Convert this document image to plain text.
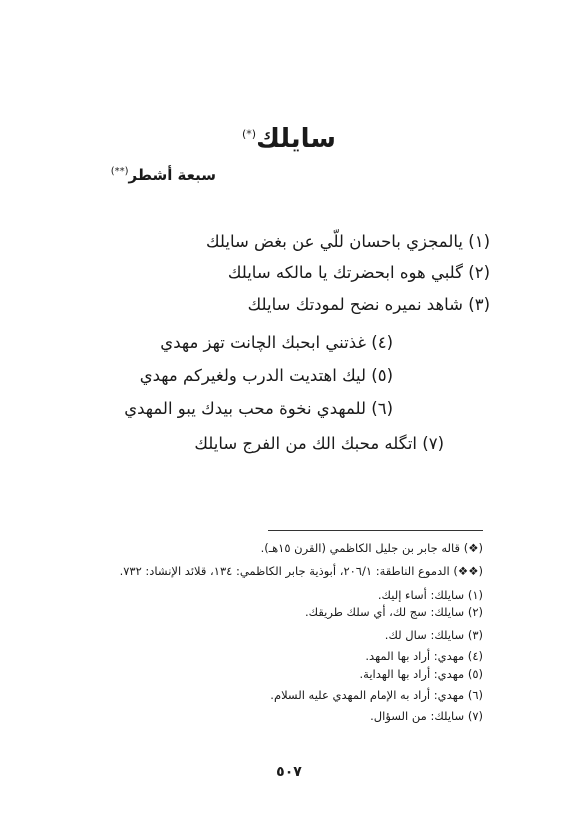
سايلك(*)
سبعة أشطر(**)
(١) يالمجزي باحسان للّي عن بغض سايلك
(٢) گلبي هوه ابحضرتك يا مالكه سايلك
(٣) شاهد نميره نضح لمودتك سايلك
(٤) غذتني ابحبك الچانت تهز مهدي
(٥) ليك اهتديت الدرب ولغيركم مهدي
(٦) للمهدي نخوة محب بيدك يبو المهدي
(٧) اتگله محبك الك من الفرج سايلك
(❖) قاله جابر بن جليل الكاظمي (القرن ١٥هـ).
(❖❖) الدموع الناطقة: ٢٠٦/١، أبوذية جابر الكاظمي: ١٣٤، قلائد الإنشاد: ٧٣٢.
(١) سايلك: أساء إليك.
(٢) سايلك: سج لك، أي سلك طريقك.
(٣) سايلك: سال لك.
(٤) مهدي: أراد بها المهد.
(٥) مهدي: أراد بها الهداية.
(٦) مهدي: أراد به الإمام المهدي عليه السلام.
(٧) سايلك: من السؤال.
٥٠٧
